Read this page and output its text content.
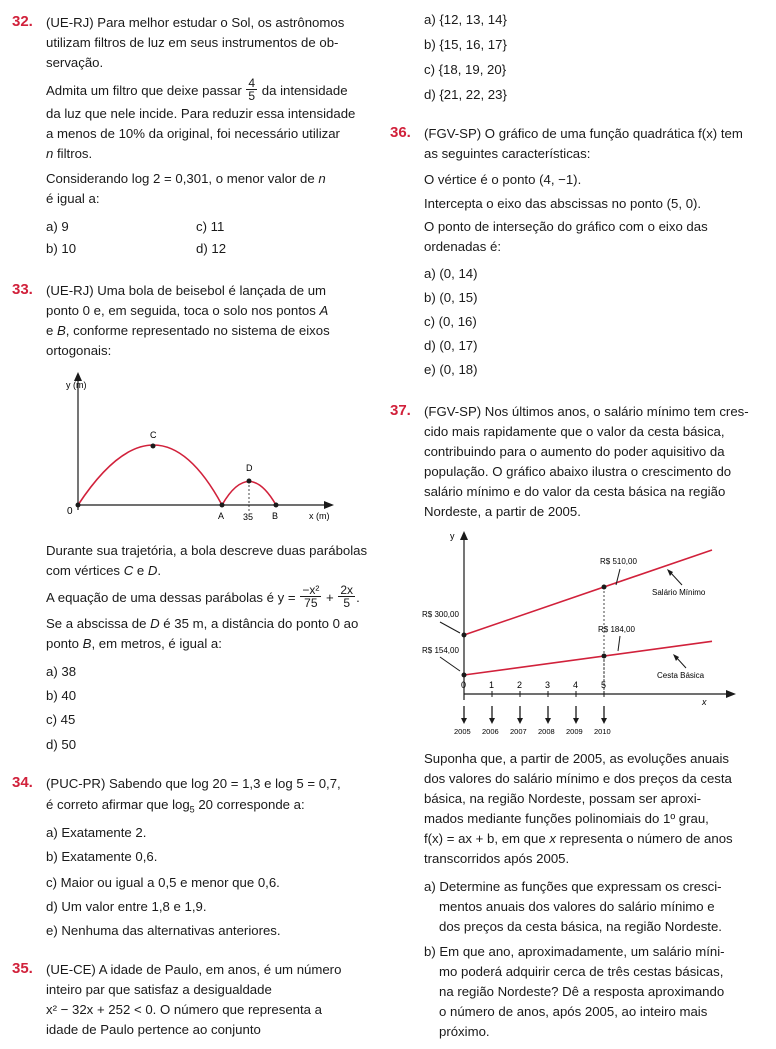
32. (UE-RJ) Para melhor estudar o Sol, os astrônomos

utilizam filtros de luz em seus instrumentos de ob-

servação.

Admita um filtro que deixe passar $\frac{4}{5}$ da intensidade

da luz que nele incide. Para reduzir essa intensidade

a menos de 10% da original, foi necessário utilizar

n filtros.

Considerando log 2 = 0,301, o menor valor de n

é igual a:

a) 9	c) 11

b) 10	d) 12

33. (UE-RJ) Uma bola de beisebol é lançada de um

ponto 0 e, em seguida, toca o solo nos pontos A

e B, conforme representado no sistema de eixos

ortogonais:

y (m)
0
C
D
A 35 B	x (m)

Durante sua trajetória, a bola descreve duas parábolas

com vértices C e D.

A equação de uma dessas parábolas é $y = \frac{\text{−x²}}{75} + \frac{2x}{5}$ .

Se a abscissa de D é 35 m, a distância do ponto 0 ao

ponto B, em metros, é igual a:

a) 38

b) 40

c) 45

d) 50

34. (PUC-PR) Sabendo que log 20 = 1,3 e log 5 = 0,7,

é correto afirmar que $\log_5 20$ corresponde a:

a) Exatamente 2.

b) Exatamente 0,6.

c) Maior ou igual a 0,5 e menor que 0,6.

d) Um valor entre 1,8 e 1,9.

e) Nenhuma das alternativas anteriores.

35. (UE-CE) A idade de Paulo, em anos, é um número

inteiro par que satisfaz a desigualdade

x² − 32x + 252 < 0. O número que representa a

idade de Paulo pertence ao conjunto

a) {12, 13, 14}

b) {15, 16, 17}

c) {18, 19, 20}

d) {21, 22, 23}

36. (FGV-SP) O gráfico de uma função quadrática f(x) tem

as seguintes características:

O vértice é o ponto (4, −1).

Intercepta o eixo das abscissas no ponto (5, 0).

O ponto de interseção do gráfico com o eixo das

ordenadas é:

a) (0, 14)

b) (0, 15)

c) (0, 16)

d) (0, 17)

e) (0, 18)

37. (FGV-SP) Nos últimos anos, o salário mínimo tem cres-

cido mais rapidamente que o valor da cesta básica,

contribuindo para o aumento do poder aquisitivo da

população. O gráfico abaixo ilustra o crescimento do

salário mínimo e do valor da cesta básica na região

Nordeste, a partir de 2005.

y
x
0
2005
1
2006
2
2007
3
2008
4
2009
5
2010
R$ 300,00
R$ 510,00
R$ 154,00
R$ 184,00
Salário Mínimo
Cesta Básica

Suponha que, a partir de 2005, as evoluções anuais

dos valores do salário mínimo e dos preços da cesta

básica, na região Nordeste, possam ser aproxi-

mados mediante funções polinomiais do 1º grau,

f(x) = ax + b, em que x representa o número de anos

transcorridos após 2005.

a) Determine as funções que expressam os cresci-

mentos anuais dos valores do salário mínimo e

dos preços da cesta básica, na região Nordeste.

b) Em que ano, aproximadamente, um salário míni-

mo poderá adquirir cerca de três cestas básicas,

na região Nordeste? Dê a resposta aproximando

o número de anos, após 2005, ao inteiro mais

próximo.
